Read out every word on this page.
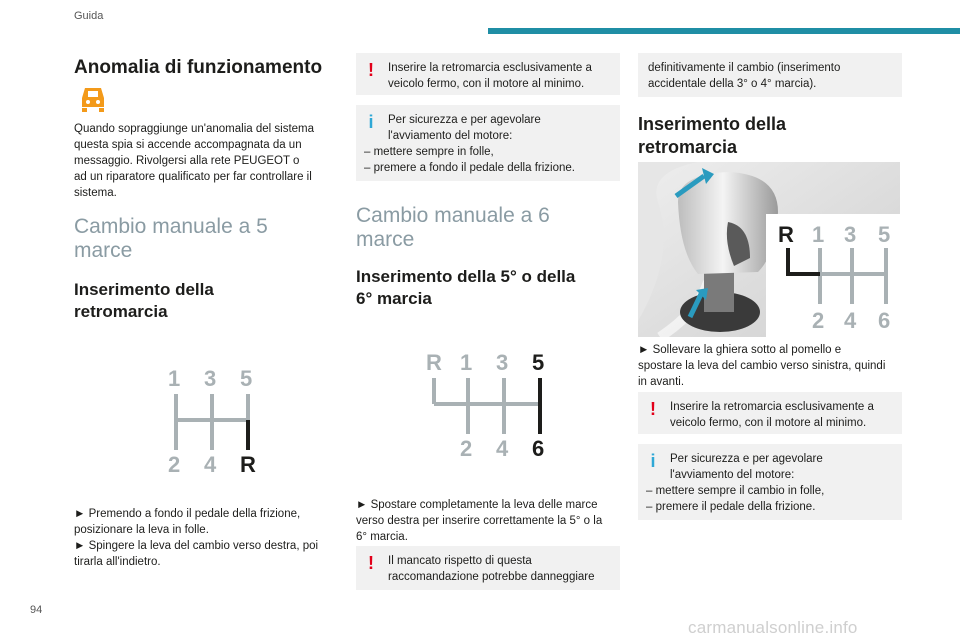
Guida
Anomalia di funzionamento
Quando sopraggiunge un'anomalia del sistema
questa spia si accende accompagnata da un
messaggio. Rivolgersi alla rete PEUGEOT o
ad un riparatore qualificato per far controllare il
sistema.
Cambio manuale a 5
marce
Inserimento della
retromarcia
1 3 5
2 4 R
► Premendo a fondo il pedale della frizione,
posizionare la leva in folle.
► Spingere la leva del cambio verso destra, poi
tirarla all'indietro.
! Inserire la retromarcia esclusivamente a
veicolo fermo, con il motore al minimo.
i Per sicurezza e per agevolare
l'avviamento del motore:
– mettere sempre in folle,
– premere a fondo il pedale della frizione.
Cambio manuale a 6
marce
Inserimento della 5° o della
6° marcia
R 1 3
2 4
5
6
► Spostare completamente la leva delle marce
verso destra per inserire correttamente la 5° o la
6° marcia.
! Il mancato rispetto di questa
raccomandazione potrebbe danneggiare
definitivamente il cambio (inserimento
accidentale della 3° o 4° marcia).
Inserimento della
retromarcia
R 1 3 5
2 4 6
► Sollevare la ghiera sotto al pomello e
spostare la leva del cambio verso sinistra, quindi
in avanti.
! Inserire la retromarcia esclusivamente a
veicolo fermo, con il motore al minimo.
i Per sicurezza e per agevolare
l'avviamento del motore:
– mettere sempre il cambio in folle,
– premere il pedale della frizione.
94
carmanualsonline.info
